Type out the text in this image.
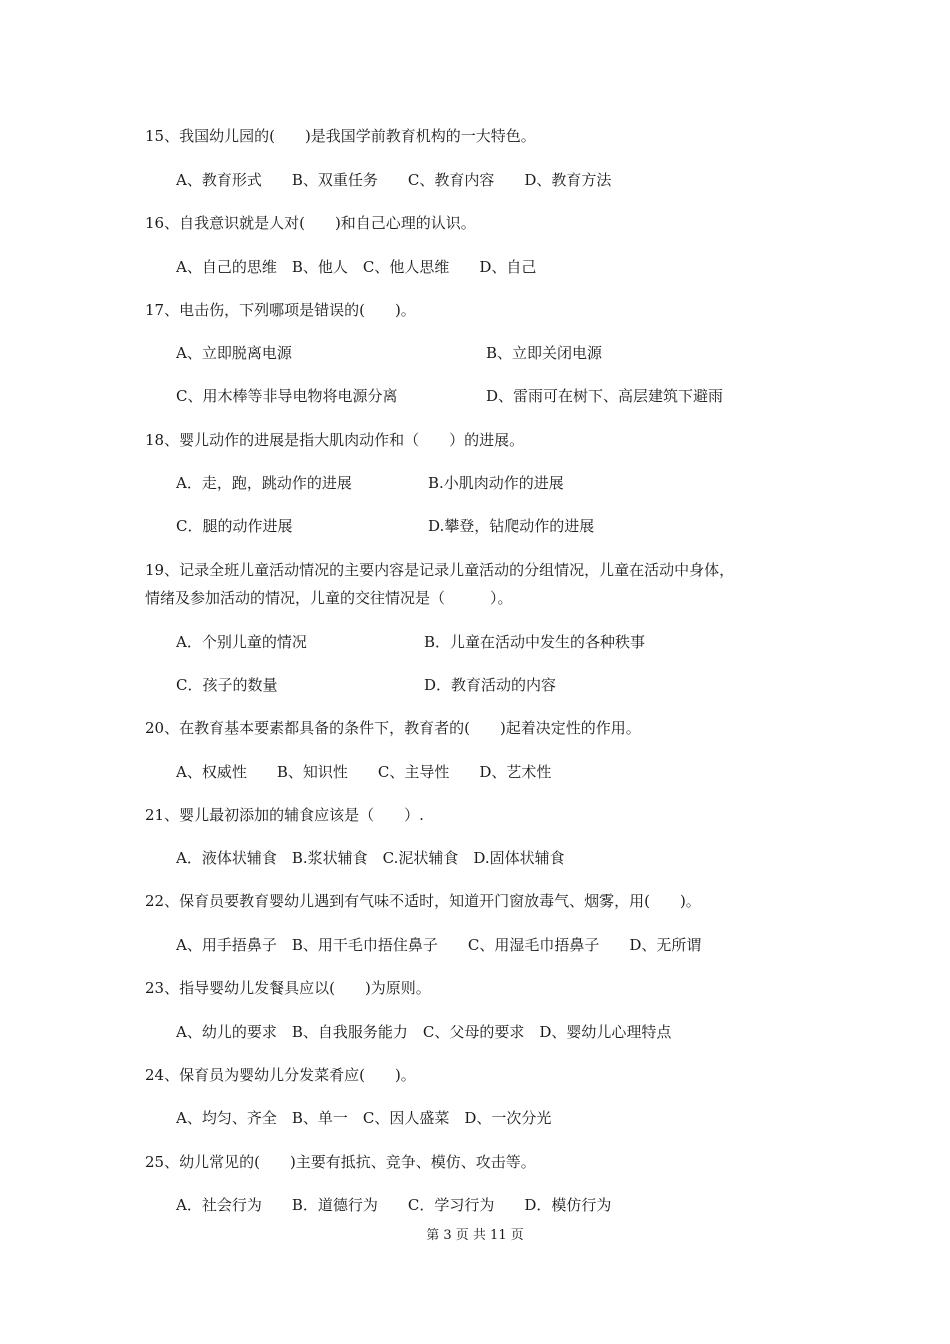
15、我国幼儿园的(　　)是我国学前教育机构的一大特色。
A、教育形式　　B、双重任务　　C、教育内容　　D、教育方法
16、自我意识就是人对(　　)和自己心理的认识。
A、自己的思维　B、他人　C、他人思维　　D、自己
17、电击伤，下列哪项是错误的(　　)。
A、立即脱离电源	B、立即关闭电源
C、用木棒等非导电物将电源分离	D、雷雨可在树下、高层建筑下避雨
18、婴儿动作的进展是指大肌肉动作和（　　）的进展。
A．走，跑，跳动作的进展	B.小肌肉动作的进展
C．腿的动作进展	D.攀登，钻爬动作的进展
19、记录全班儿童活动情况的主要内容是记录儿童活动的分组情况，儿童在活动中身体，
情绪及参加活动的情况，儿童的交往情况是（　　　）。
A．个别儿童的情况	B．儿童在活动中发生的各种秩事
C．孩子的数量	D．教育活动的内容
20、在教育基本要素都具备的条件下，教育者的(　　)起着决定性的作用。
A、权威性　　B、知识性　　C、主导性　　D、艺术性
21、婴儿最初添加的辅食应该是（　　）.
A．液体状辅食　B.浆状辅食　C.泥状辅食　D.固体状辅食
22、保育员要教育婴幼儿遇到有气味不适时，知道开门窗放毒气、烟雾，用(　　)。
A、用手捂鼻子　B、用干毛巾捂住鼻子　　C、用湿毛巾捂鼻子　　D、无所谓
23、指导婴幼儿发餐具应以(　　)为原则。
A、幼儿的要求　B、自我服务能力　C、父母的要求　D、婴幼儿心理特点
24、保育员为婴幼儿分发菜肴应(　　)。
A、均匀、齐全　B、单一　C、因人盛菜　D、一次分光
25、幼儿常见的(　　)主要有抵抗、竞争、模仿、攻击等。
A．社会行为　　B．道德行为　　C．学习行为　　D．模仿行为
第 3 页 共 11 页
